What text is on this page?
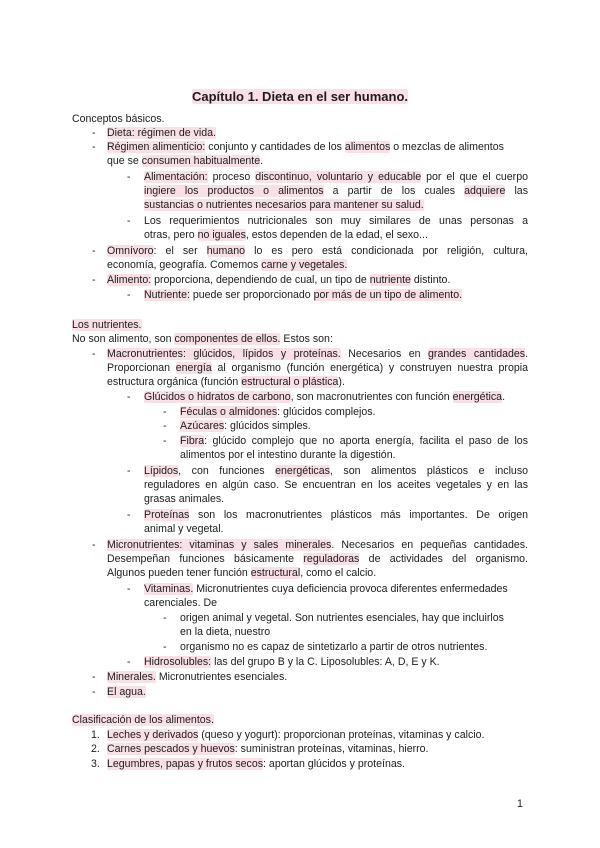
Capítulo 1. Dieta en el ser humano.
Conceptos básicos.
- Dieta: régimen de vida.
- Régimen alimenticio: conjunto y cantidades de los alimentos o mezclas de alimentos
que se consumen habitualmente.
- Alimentación: proceso discontinuo, voluntario y educable por el que el cuerpo
ingiere los productos o alimentos a partir de los cuales adquiere las
sustancias o nutrientes necesarios para mantener su salud.
- Los requerimientos nutricionales son muy similares de unas personas a
otras, pero no iguales, estos dependen de la edad, el sexo...
- Omnívoro: el ser humano lo es pero está condicionada por religión, cultura,
economía, geografía. Comemos carne y vegetales.
- Alimento: proporciona, dependiendo de cual, un tipo de nutriente distinto.
- Nutriente: puede ser proporcionado por más de un tipo de alimento.
Los nutrientes.
No son alimento, son componentes de ellos. Estos son:
- Macronutrientes: glúcidos, lípidos y proteínas. Necesarios en grandes cantidades.
Proporcionan energía al organismo (función energética) y construyen nuestra propia
estructura orgánica (función estructural o plástica).
- Glúcidos o hidratos de carbono, son macronutrientes con función energética.
- Féculas o almidones: glúcidos complejos.
- Azúcares: glúcidos simples.
- Fibra: glúcido complejo que no aporta energía, facilita el paso de los
alimentos por el intestino durante la digestión.
- Lípidos, con funciones energéticas, son alimentos plásticos e incluso
reguladores en algún caso. Se encuentran en los aceites vegetales y en las
grasas animales.
- Proteínas son los macronutrientes plásticos más importantes. De origen
animal y vegetal.
- Micronutrientes: vitaminas y sales minerales. Necesarios en pequeñas cantidades.
Desempeñan funciones básicamente reguladoras de actividades del organismo.
Algunos pueden tener función estructural, como el calcio.
- Vitaminas. Micronutrientes cuya deficiencia provoca diferentes enfermedades
carenciales. De
- origen animal y vegetal. Son nutrientes esenciales, hay que incluirlos
en la dieta, nuestro
- organismo no es capaz de sintetizarlo a partir de otros nutrientes.
- Hidrosolubles: las del grupo B y la C. Liposolubles: A, D, E y K.
- Minerales. Micronutrientes esenciales.
- El agua.
Clasificación de los alimentos.
1. Leches y derivados (queso y yogurt): proporcionan proteínas, vitaminas y calcio.
2. Carnes pescados y huevos: suministran proteínas, vitaminas, hierro.
3. Legumbres, papas y frutos secos: aportan glúcidos y proteínas.
1
